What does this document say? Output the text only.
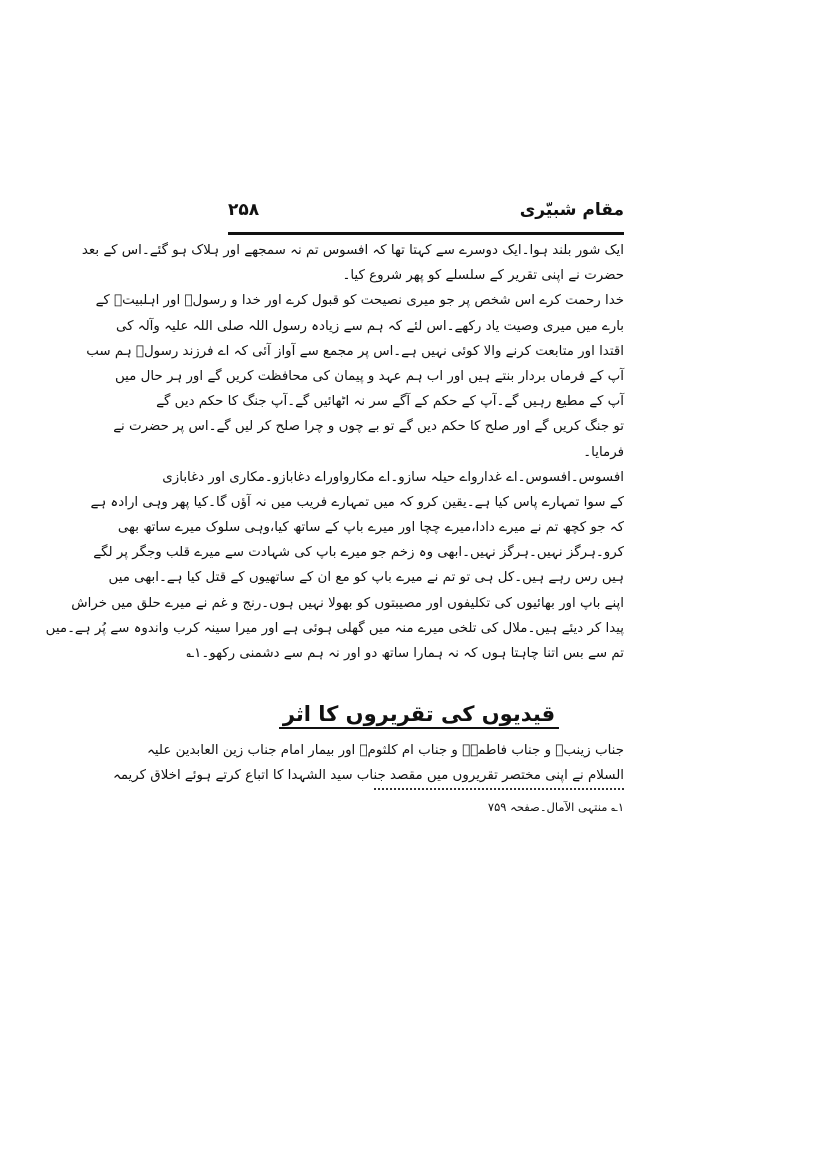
مقام شبیّری
۲۵۸
ایک شور بلند ہوا۔ایک دوسرے سے کہتا تھا کہ افسوس تم نہ سمجھے اور ہلاک ہو گئے۔اس کے بعد
حضرت نے اپنی تقریر کے سلسلے کو پھر شروع کیا۔
خدا رحمت کرے اس شخص پر جو میری نصیحت کو قبول کرے اور خدا و رسولؐ اور اہلبیتؑ کے
بارے میں میری وصیت یاد رکھے۔اس لئے کہ ہم سے زیادہ رسول اللہ صلی اللہ علیہ وآلہ کی
اقتدا اور متابعت کرنے والا کوئی نہیں ہے۔اس پر مجمع سے آواز آئی کہ اے فرزند رسولؐ ہم سب
آپ کے فرماں بردار بنتے ہیں اور اب ہم عہد و پیمان کی محافظت کریں گے اور ہر حال میں
آپ کے مطیع رہیں گے۔آپ کے حکم کے آگے سر نہ اٹھائیں گے۔آپ جنگ کا حکم دیں گے
تو جنگ کریں گے اور صلح کا حکم دیں گے تو بے چوں و چرا صلح کر لیں گے۔اس پر حضرت نے
فرمایا۔
افسوس۔افسوس۔اے غدارواے حیلہ سازو۔اے مکارواوراے دغابازو۔مکاری اور دغابازی
کے سوا تمہارے پاس کیا ہے۔یقین کرو کہ میں تمہارے فریب میں نہ آؤں گا۔کیا پھر وہی ارادہ ہے
کہ جو کچھ تم نے میرے دادا،میرے چچا اور میرے باپ کے ساتھ کیا،وہی سلوک میرے ساتھ بھی
کرو۔ہرگز نہیں۔ہرگز نہیں۔ابھی وہ زخم جو میرے باپ کی شہادت سے میرے قلب وجگر پر لگے
ہیں رس رہے ہیں۔کل ہی تو تم نے میرے باپ کو مع ان کے ساتھیوں کے قتل کیا ہے۔ابھی میں
اپنے باپ اور بھائیوں کی تکلیفوں اور مصیبتوں کو بھولا نہیں ہوں۔رنج و غم نے میرے حلق میں خراش
پیدا کر دیئے ہیں۔ملال کی تلخی میرے منہ میں گھلی ہوئی ہے اور میرا سینہ کرب واندوہ سے پُر ہے۔میں
تم سے بس اتنا چاہتا ہوں کہ نہ ہمارا ساتھ دو اور نہ ہم سے دشمنی رکھو۔۱؎
قیدیوں کی تقریروں کا اثر
جناب زینبؑ و جناب فاطمہؑ و جناب ام کلثومؑ اور بیمار امام جناب زین العابدین علیہ
السلام نے اپنی مختصر تقریروں میں مقصد جناب سید الشہدا کا اتباع کرتے ہوئے اخلاق کریمہ
۱؎ منتہی الآمال۔صفحہ ۷۵۹
